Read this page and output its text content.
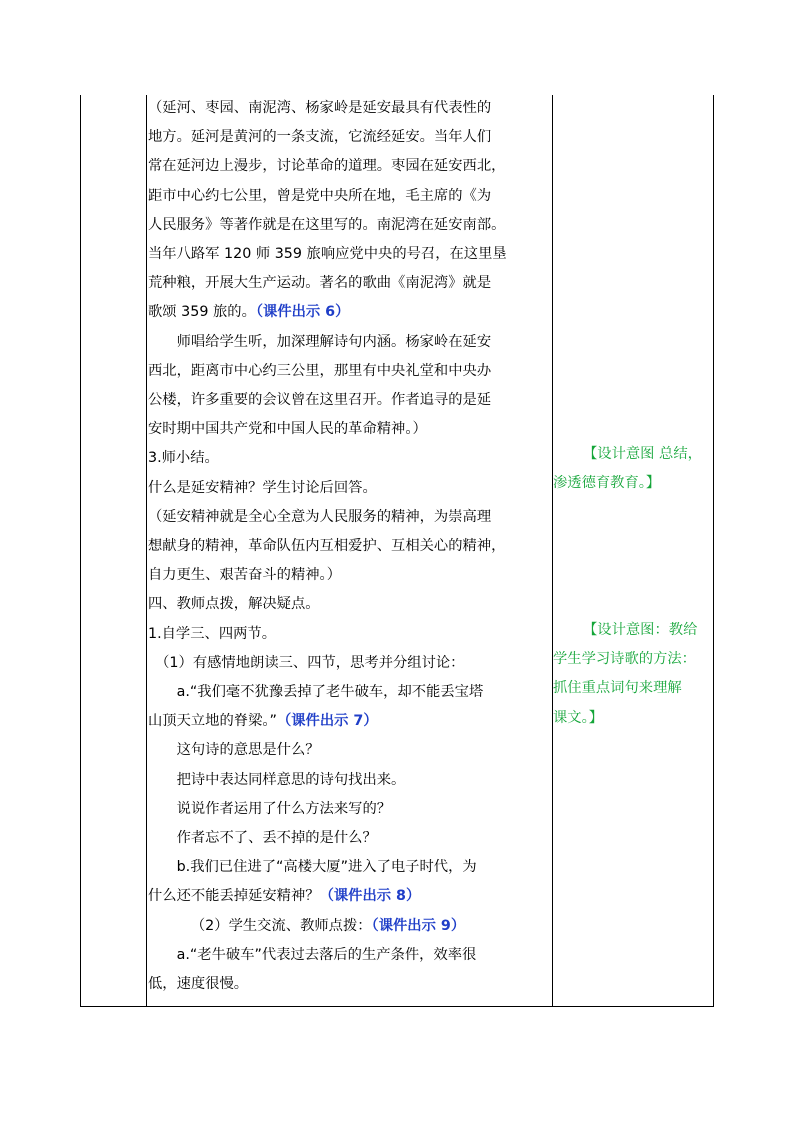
（延河、枣园、南泥湾、杨家岭是延安最具有代表性的
地方。延河是黄河的一条支流，它流经延安。当年人们
常在延河边上漫步，讨论革命的道理。枣园在延安西北，
距市中心约七公里，曾是党中央所在地，毛主席的《为
人民服务》等著作就是在这里写的。南泥湾在延安南部。
当年八路军 120 师 359 旅响应党中央的号召，在这里垦
荒种粮，开展大生产运动。著名的歌曲《南泥湾》就是
歌颂 359 旅的。（课件出示 6）
师唱给学生听，加深理解诗句内涵。杨家岭在延安
西北，距离市中心约三公里，那里有中央礼堂和中央办
公楼，许多重要的会议曾在这里召开。作者追寻的是延
安时期中国共产党和中国人民的革命精神。）
3.师小结。
什么是延安精神？学生讨论后回答。
（延安精神就是全心全意为人民服务的精神，为崇高理
想献身的精神，革命队伍内互相爱护、互相关心的精神，
自力更生、艰苦奋斗的精神。）
四、教师点拨，解决疑点。
1.自学三、四两节。
（1）有感情地朗读三、四节，思考并分组讨论：
a.“我们毫不犹豫丢掉了老牛破车，却不能丢宝塔
山顶天立地的脊梁。”（课件出示 7）
这句诗的意思是什么？
把诗中表达同样意思的诗句找出来。
说说作者运用了什么方法来写的？
作者忘不了、丢不掉的是什么？
b.我们已住进了“高楼大厦”进入了电子时代，为
什么还不能丢掉延安精神？（课件出示 8）
（2）学生交流、教师点拨：（课件出示 9）
a.“老牛破车”代表过去落后的生产条件，效率很
低，速度很慢。
【设计意图 总结，
渗透德育教育。】
【设计意图：教给
学生学习诗歌的方法：
抓住重点词句来理解
课文。】
